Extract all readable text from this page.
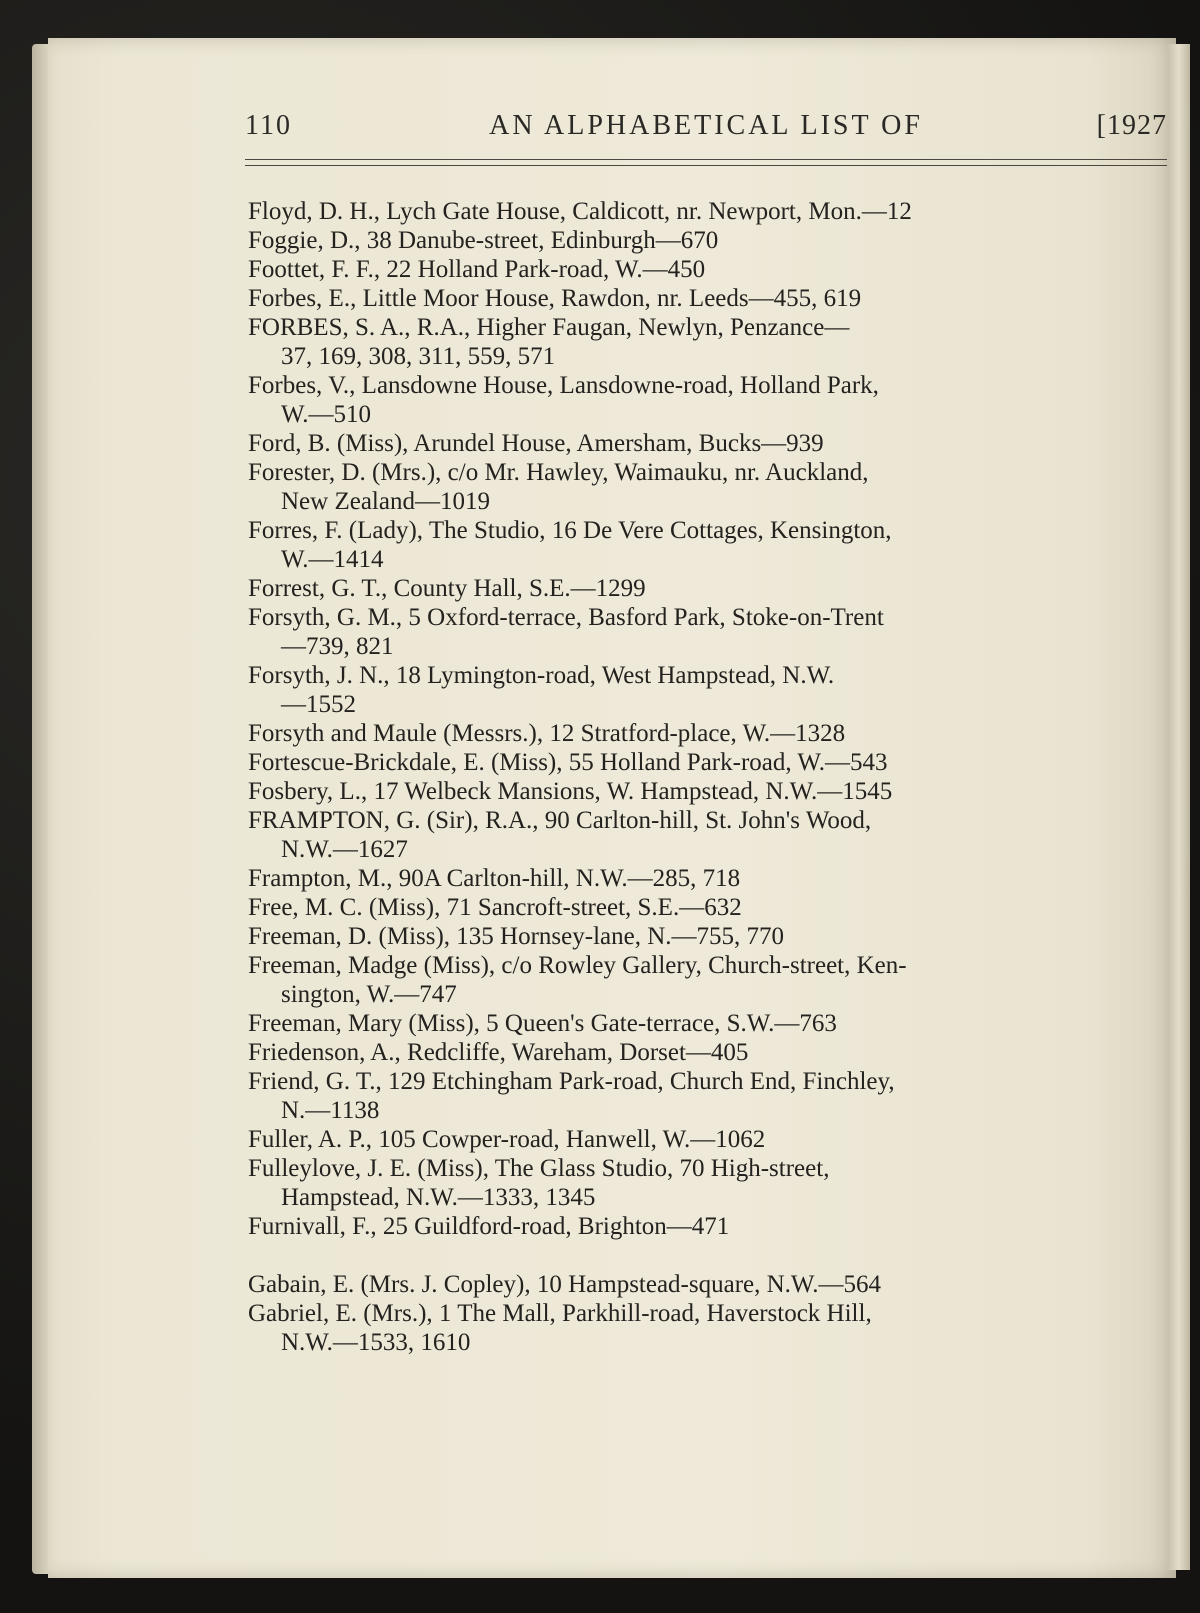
110	AN ALPHABETICAL LIST OF	[1927
Floyd, D. H., Lych Gate House, Caldicott, nr. Newport, Mon.—12
Foggie, D., 38 Danube-street, Edinburgh—670
Foottet, F. F., 22 Holland Park-road, W.—450
Forbes, E., Little Moor House, Rawdon, nr. Leeds—455, 619
FORBES, S. A., R.A., Higher Faugan, Newlyn, Penzance—
37, 169, 308, 311, 559, 571
Forbes, V., Lansdowne House, Lansdowne-road, Holland Park,
W.—510
Ford, B. (Miss), Arundel House, Amersham, Bucks—939
Forester, D. (Mrs.), c/o Mr. Hawley, Waimauku, nr. Auckland,
New Zealand—1019
Forres, F. (Lady), The Studio, 16 De Vere Cottages, Kensington,
W.—1414
Forrest, G. T., County Hall, S.E.—1299
Forsyth, G. M., 5 Oxford-terrace, Basford Park, Stoke-on-Trent
—739, 821
Forsyth, J. N., 18 Lymington-road, West Hampstead, N.W.
—1552
Forsyth and Maule (Messrs.), 12 Stratford-place, W.—1328
Fortescue-Brickdale, E. (Miss), 55 Holland Park-road, W.—543
Fosbery, L., 17 Welbeck Mansions, W. Hampstead, N.W.—1545
FRAMPTON, G. (Sir), R.A., 90 Carlton-hill, St. John's Wood,
N.W.—1627
Frampton, M., 90A Carlton-hill, N.W.—285, 718
Free, M. C. (Miss), 71 Sancroft-street, S.E.—632
Freeman, D. (Miss), 135 Hornsey-lane, N.—755, 770
Freeman, Madge (Miss), c/o Rowley Gallery, Church-street, Ken-
sington, W.—747
Freeman, Mary (Miss), 5 Queen's Gate-terrace, S.W.—763
Friedenson, A., Redcliffe, Wareham, Dorset—405
Friend, G. T., 129 Etchingham Park-road, Church End, Finchley,
N.—1138
Fuller, A. P., 105 Cowper-road, Hanwell, W.—1062
Fulleylove, J. E. (Miss), The Glass Studio, 70 High-street,
Hampstead, N.W.—1333, 1345
Furnivall, F., 25 Guildford-road, Brighton—471
Gabain, E. (Mrs. J. Copley), 10 Hampstead-square, N.W.—564
Gabriel, E. (Mrs.), 1 The Mall, Parkhill-road, Haverstock Hill,
N.W.—1533, 1610
